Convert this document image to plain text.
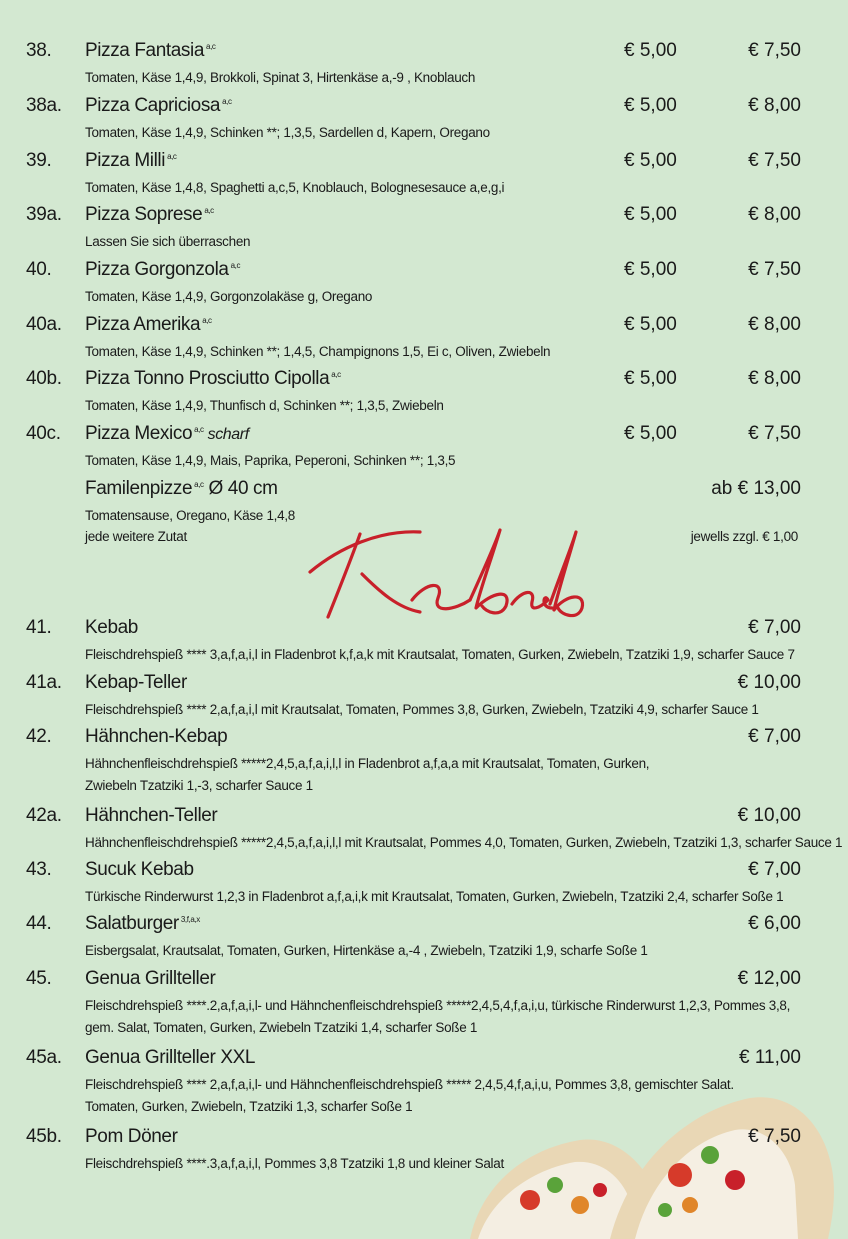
38. Pizza Fantasia $^{a,c}$	€ 5,00	€ 7,50
Tomaten, Käse 1,4,9, Brokkoli, Spinat 3, Hirtenkäse a,-9 , Knoblauch
38a. Pizza Capriciosa $^{a,c}$	€ 5,00	€ 8,00
Tomaten, Käse 1,4,9, Schinken **; 1,3,5, Sardellen d, Kapern, Oregano
39. Pizza Milli $^{a,c}$	€ 5,00	€ 7,50
Tomaten, Käse 1,4,8, Spaghetti a,c,5, Knoblauch, Bolognesesauce a,e,g,i
39a. Pizza Soprese $^{a,c}$	€ 5,00	€ 8,00
Lassen Sie sich überraschen
40. Pizza Gorgonzola $^{a,c}$	€ 5,00	€ 7,50
Tomaten, Käse 1,4,9, Gorgonzolakäse g, Oregano
40a. Pizza Amerika $^{a,c}$	€ 5,00	€ 8,00
Tomaten, Käse 1,4,9, Schinken **; 1,4,5, Champignons 1,5, Ei c, Oliven, Zwiebeln
40b. Pizza Tonno Prosciutto Cipolla $^{a,c}$	€ 5,00	€ 8,00
Tomaten, Käse 1,4,9, Thunfisch d, Schinken **; 1,3,5, Zwiebeln
40c. Pizza Mexico $^{a,c}$ scharf	€ 5,00	€ 7,50
Tomaten, Käse 1,4,9, Mais, Paprika, Peperoni, Schinken **; 1,3,5
Familenpizze $^{a,c}$ Ø 40 cm	ab € 13,00
Tomatensause, Oregano, Käse 1,4,8
jede weitere Zutat	jewells zzgl. € 1,00
41. Kebab	€ 7,00
Fleischdrehspieß **** 3,a,f,a,i,l in Fladenbrot k,f,a,k mit Krautsalat, Tomaten, Gurken, Zwiebeln, Tzatziki 1,9, scharfer Sauce 7
41a. Kebap-Teller	€ 10,00
Fleischdrehspieß **** 2,a,f,a,i,l mit Krautsalat, Tomaten, Pommes 3,8, Gurken, Zwiebeln, Tzatziki 4,9, scharfer Sauce 1
42. Hähnchen-Kebap	€ 7,00
Hähnchenfleischdrehspieß *****2,4,5,a,f,a,i,l,l in Fladenbrot a,f,a,a mit Krautsalat, Tomaten, Gurken,
Zwiebeln Tzatziki 1,-3, scharfer Sauce 1
42a. Hähnchen-Teller	€ 10,00
Hähnchenfleischdrehspieß *****2,4,5,a,f,a,i,l,l mit Krautsalat, Pommes 4,0, Tomaten, Gurken, Zwiebeln, Tzatziki 1,3, scharfer Sauce 1
43. Sucuk Kebab	€ 7,00
Türkische Rinderwurst 1,2,3 in Fladenbrot a,f,a,i,k mit Krautsalat, Tomaten, Gurken, Zwiebeln, Tzatziki 2,4, scharfer Soße 1
44. Salatburger $^{3,f,a,x}$	€ 6,00
Eisbergsalat, Krautsalat, Tomaten, Gurken, Hirtenkäse a,-4 , Zwiebeln, Tzatziki 1,9, scharfe Soße 1
45. Genua Grillteller	€ 12,00
Fleischdrehspieß ****.2,a,f,a,i,l- und Hähnchenfleischdrehspieß *****2,4,5,4,f,a,i,u, türkische Rinderwurst 1,2,3, Pommes 3,8,
gem. Salat, Tomaten, Gurken, Zwiebeln Tzatziki 1,4, scharfer Soße 1
45a. Genua Grillteller XXL	€ 11,00
Fleischdrehspieß **** 2,a,f,a,i,l- und Hähnchenfleischdrehspieß ***** 2,4,5,4,f,a,i,u, Pommes 3,8, gemischter Salat.
Tomaten, Gurken, Zwiebeln, Tzatziki 1,3, scharfer Soße 1
45b. Pom Döner	€ 7,50
Fleischdrehspieß ****.3,a,f,a,i,l, Pommes 3,8 Tzatziki 1,8 und kleiner Salat
